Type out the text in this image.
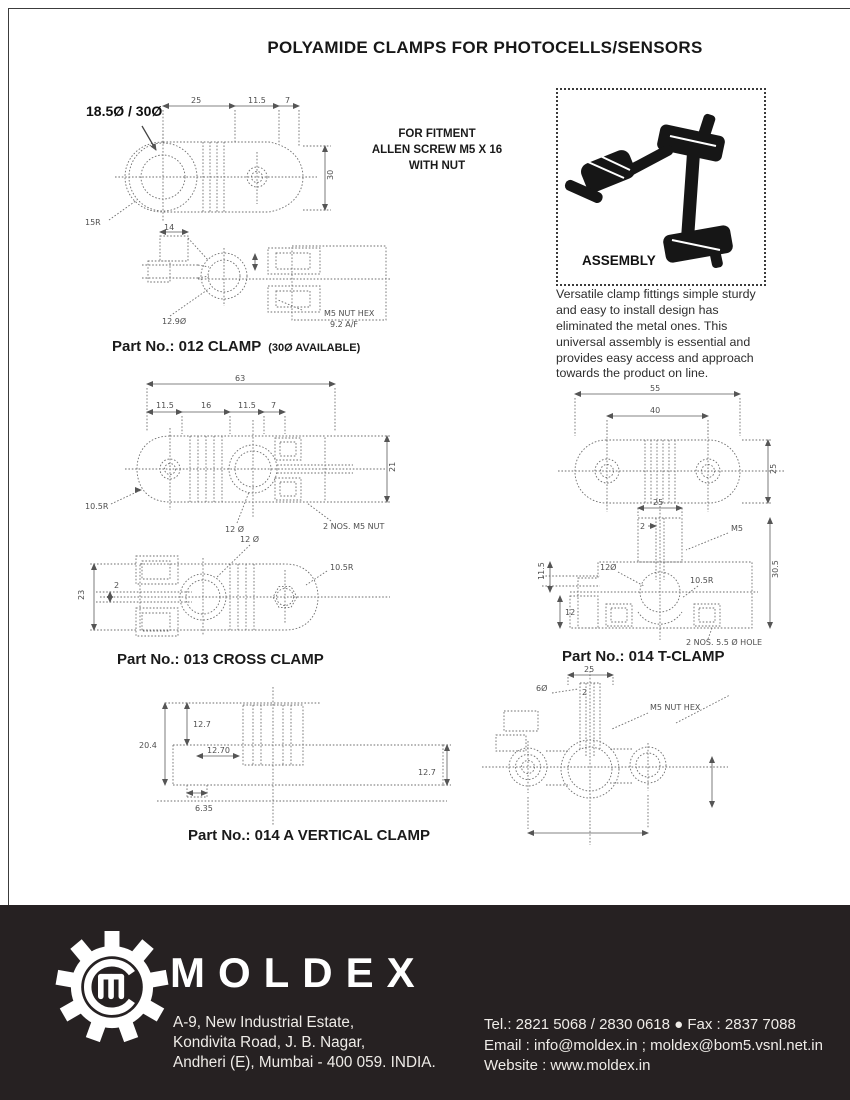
POLYAMIDE CLAMPS FOR PHOTOCELLS/SENSORS
18.5Ø / 30Ø
25	11.5 7
30
15R
14
12.9Ø
M5 NUT HEX
9.2 A/F
Part No.: 012 CLAMP (30Ø AVAILABLE)
FOR FITMENT
ALLEN SCREW M5 X 16
WITH NUT
ASSEMBLY

Versatile clamp fittings simple sturdy and easy to install design has eliminated the metal ones. This universal assembly is essential and provides easy access and approach towards the product on line.

63
11.5	16	11.5 7
21
10.5R
12 Ø	2 NOS. M5 NUT
23
2
12 Ø
10.5R
Part No.: 013 CROSS CLAMP
55
40
25
25
2	M5
12Ø
10.5R
30.5
11.5
12
2 NOS. 5.5 Ø HOLE
Part No.: 014 T-CLAMP
20.4
12.7
12.70
6.35
12.7
25
2
6Ø
M5 NUT HEX
Part No.: 014 A VERTICAL CLAMP
MOLDEX
A-9, New Industrial Estate,
Kondivita Road, J. B. Nagar,
Andheri (E), Mumbai - 400 059. INDIA.
Tel.: 2821 5068 / 2830 0618 ● Fax : 2837 7088
Email : info@moldex.in ; moldex@bom5.vsnl.net.in
Website : www.moldex.in
